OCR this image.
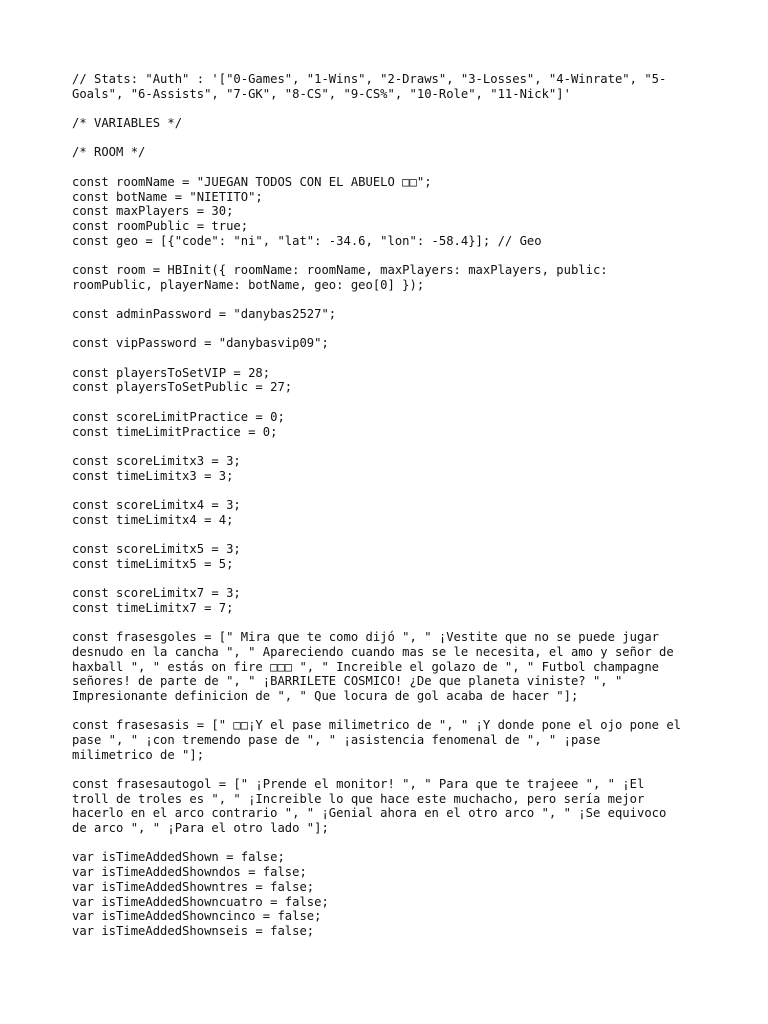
// Stats: "Auth" : '["0-Games", "1-Wins", "2-Draws", "3-Losses", "4-Winrate", "5-
Goals", "6-Assists", "7-GK", "8-CS", "9-CS%", "10-Role", "11-Nick"]'
/* VARIABLES */
/* ROOM */
const roomName = "JUEGAN TODOS CON EL ABUELO □□";
const botName = "NIETITO";
const maxPlayers = 30;
const roomPublic = true;
const geo = [{"code": "ni", "lat": -34.6, "lon": -58.4}]; // Geo
const room = HBInit({ roomName: roomName, maxPlayers: maxPlayers, public:
roomPublic, playerName: botName, geo: geo[0] });
const adminPassword = "danybas2527";
const vipPassword = "danybasvip09";
const playersToSetVIP = 28;
const playersToSetPublic = 27;
const scoreLimitPractice = 0;
const timeLimitPractice = 0;
const scoreLimitx3 = 3;
const timeLimitx3 = 3;
const scoreLimitx4 = 3;
const timeLimitx4 = 4;
const scoreLimitx5 = 3;
const timeLimitx5 = 5;
const scoreLimitx7 = 3;
const timeLimitx7 = 7;
const frasesgoles = [" Mira que te como dijó ", " ¡Vestite que no se puede jugar
desnudo en la cancha ", " Apareciendo cuando mas se le necesita, el amo y señor de
haxball ", " estás on fire □□□ ", " Increible el golazo de ", " Futbol champagne
señores! de parte de ", " ¡BARRILETE COSMICO! ¿De que planeta viniste? ", "
Impresionante definicion de ", " Que locura de gol acaba de hacer "];
const frasesasis = [" □□¡Y el pase milimetrico de ", " ¡Y donde pone el ojo pone el
pase ", " ¡con tremendo pase de ", " ¡asistencia fenomenal de ", " ¡pase
milimetrico de "];
const frasesautogol = [" ¡Prende el monitor! ", " Para que te trajeee ", " ¡El
troll de troles es ", " ¡Increible lo que hace este muchacho, pero sería mejor
hacerlo en el arco contrario ", " ¡Genial ahora en el otro arco ", " ¡Se equivoco
de arco ", " ¡Para el otro lado "];
var isTimeAddedShown = false;
var isTimeAddedShowndos = false;
var isTimeAddedShowntres = false;
var isTimeAddedShowncuatro = false;
var isTimeAddedShowncinco = false;
var isTimeAddedShownseis = false;
